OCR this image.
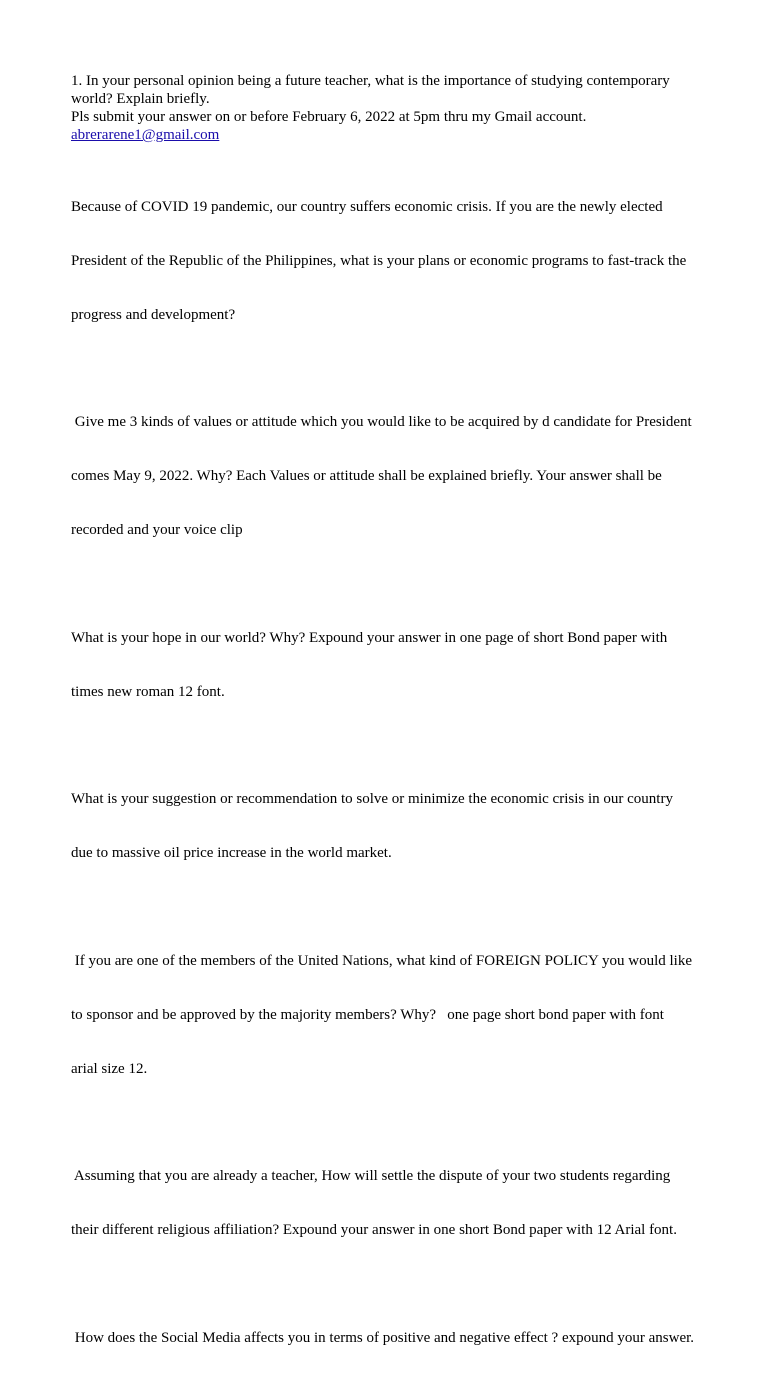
1. In your personal opinion being a future teacher, what is the importance of studying contemporary
world? Explain briefly.
Pls submit your answer on or before February 6, 2022 at 5pm thru my Gmail account.
abrerarene1@gmail.com

Because of COVID 19 pandemic, our country suffers economic crisis. If you are the newly elected

President of the Republic of the Philippines, what is your plans or economic programs to fast-track the

progress and development?

Give me 3 kinds of values or attitude which you would like to be acquired by d candidate for President

comes May 9, 2022. Why? Each Values or attitude shall be explained briefly. Your answer shall be

recorded and your voice clip

What is your hope in our world? Why? Expound your answer in one page of short Bond paper with

times new roman 12 font.

What is your suggestion or recommendation to solve or minimize the economic crisis in our country

due to massive oil price increase in the world market.

If you are one of the members of the United Nations, what kind of FOREIGN POLICY you would like

to sponsor and be approved by the majority members? Why?   one page short bond paper with font

arial size 12.

Assuming that you are already a teacher, How will settle the dispute of your two students regarding

their different religious affiliation? Expound your answer in one short Bond paper with 12 Arial font.

How does the Social Media affects you in terms of positive and negative effect ? expound your answer.
